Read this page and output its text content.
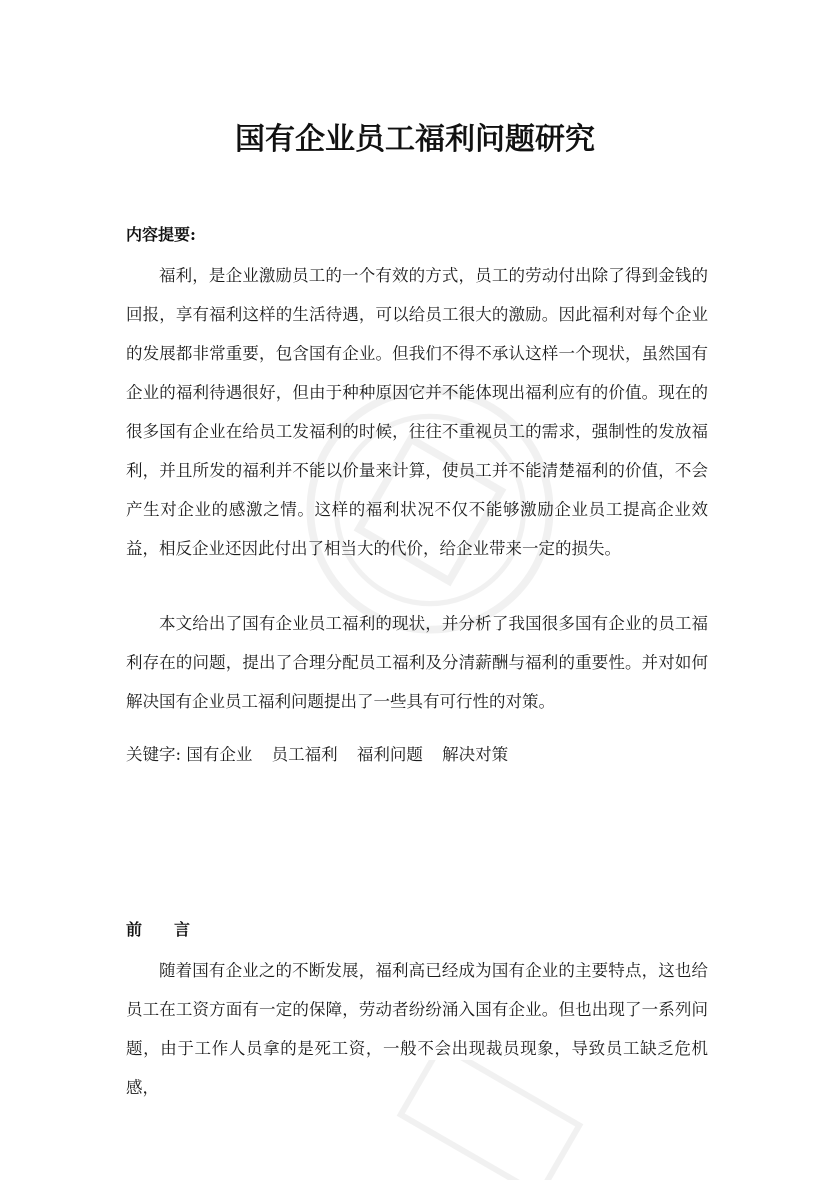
国有企业员工福利问题研究
内容提要:
福利，是企业激励员工的一个有效的方式，员工的劳动付出除了得到金钱的回报，享有福利这样的生活待遇，可以给员工很大的激励。因此福利对每个企业的发展都非常重要，包含国有企业。但我们不得不承认这样一个现状，虽然国有企业的福利待遇很好，但由于种种原因它并不能体现出福利应有的价值。现在的很多国有企业在给员工发福利的时候，往往不重视员工的需求，强制性的发放福利，并且所发的福利并不能以价量来计算，使员工并不能清楚福利的价值，不会产生对企业的感激之情。这样的福利状况不仅不能够激励企业员工提高企业效益，相反企业还因此付出了相当大的代价，给企业带来一定的损失。
本文给出了国有企业员工福利的现状，并分析了我国很多国有企业的员工福利存在的问题，提出了合理分配员工福利及分清薪酬与福利的重要性。并对如何解决国有企业员工福利问题提出了一些具有可行性的对策。
关键字: 国有企业 员工福利 福利问题 解决对策
前 言
随着国有企业之的不断发展，福利高已经成为国有企业的主要特点，这也给员工在工资方面有一定的保障，劳动者纷纷涌入国有企业。但也出现了一系列问题，由于工作人员拿的是死工资，一般不会出现裁员现象，导致员工缺乏危机感，
